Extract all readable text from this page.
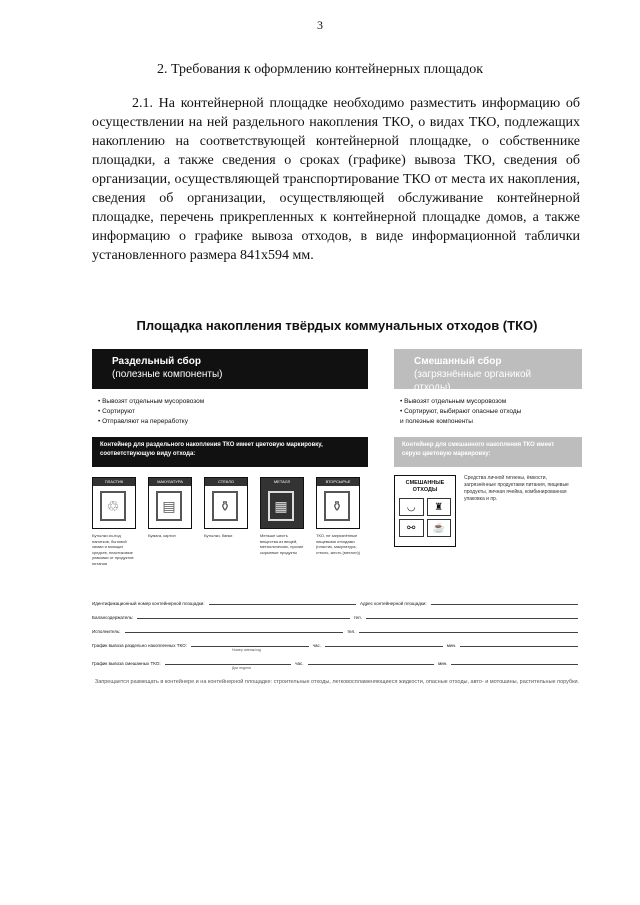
3
2. Требования к оформлению контейнерных площадок

2.1. На контейнерной площадке необходимо разместить информацию об осуществлении на ней раздельного накопления ТКО, о видах ТКО, подлежащих накоплению на соответствующей контейнерной площадке, о собственнике площадки, а также сведения о сроках (графике) вывоза ТКО, сведения об организации, осуществляющей транспортирование ТКО от места их накопления, сведения об организации, осуществляющей обслуживание контейнерной площадке, перечень прикрепленных к контейнерной площадке домов, а также информацию о графике вывоза отходов, в виде информационной таблички установленного размера 841х594 мм.

Площадка накопления твёрдых коммунальных отходов (ТКО)
Раздельный сбор
(полезные компоненты)
• Вывозят отдельным мусоровозом
• Сортируют
• Отправляют на переработку
Контейнер для раздельного накопления ТКО имеет цветовую маркировку, соответствующую виду отхода:
ПЛАСТИК
♲
Бутылки из-под напитков, бытовой химии и моющих средств, пластиковые упаковки от продуктов питания
МАКУЛАТУРА
▤
Бумага, картон
СТЕКЛО
⚱
Бутылки, банки
МЕТАЛЛ
▦
Меньше шесть вещества из вещей, металлических, прочие сырьевые продукты
ВТОРСЫРЬЕ
⚱
ТКО, не загрязнённые пищевыми отходами (пластик, макулатура, стекло, жесть (металл))
Смешанный сбор
(загрязнённые органикой отходы)
• Вывозят отдельным мусоровозом
• Сортируют, выбирают опасные отходы
и полезные компоненты
Контейнер для смешанного накопления ТКО имеет серую цветовую маркировку:
СМЕШАННЫЕ ОТХОДЫ
◡	♜
⚯	☕
Средства личной гигиены, ёмкости, загрязнённые продуктами питания, пищевые продукты, яичная ячейка, комбинированная упаковка и пр.
Идентификационный номер контейнерной площадки:	Адрес контейнерной площадки:
Балансодержатель:	тел.
Исполнитель:	тел.
График вывоза раздельно накопленных ТКО:	час.	мин.
Номер смены/ход
График вывоза смешанных ТКО:	час.	мин.
Дни недели
Запрещается размещать в контейнере и на контейнерной площадке: строительные отходы, легковоспламеняющиеся жидкости, опасные отходы, авто- и мотошины, растительные порубки.
